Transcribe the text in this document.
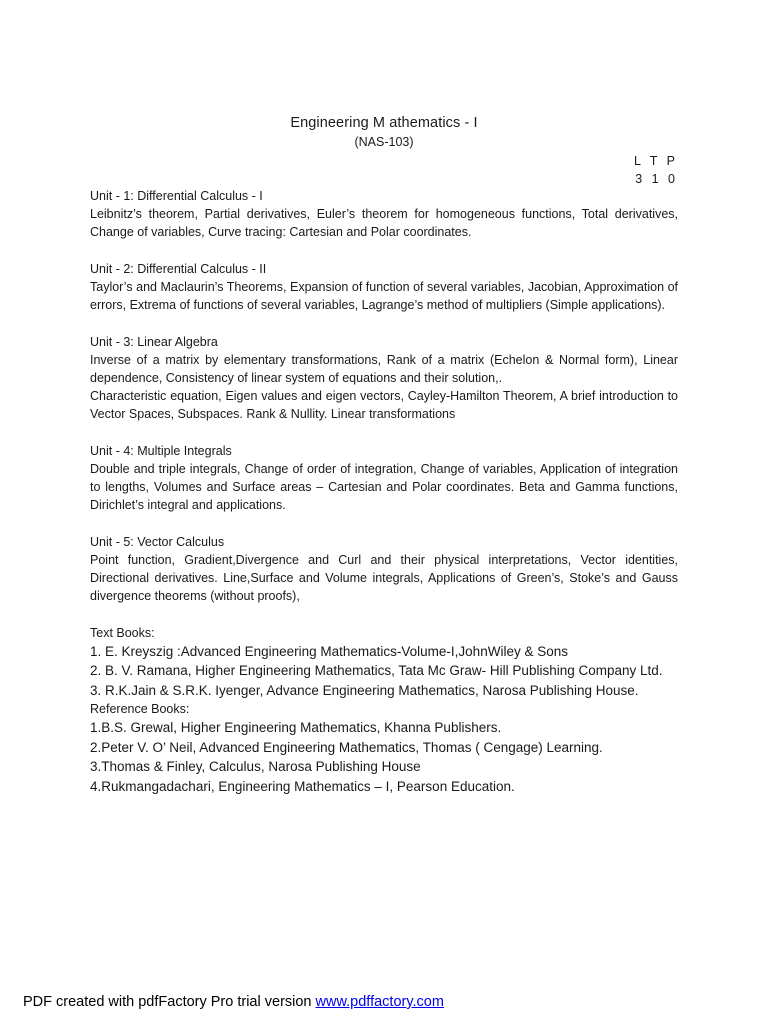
Engineering M athematics - I
(NAS-103)
L T P
3 1 0
Unit - 1: Differential Calculus - I
Leibnitz’s theorem, Partial derivatives, Euler’s theorem for homogeneous functions, Total derivatives, Change of variables, Curve tracing: Cartesian and Polar coordinates.
Unit - 2: Differential Calculus - II
Taylor’s and Maclaurin’s Theorems, Expansion of function of several variables, Jacobian, Approximation of errors, Extrema of functions of several variables, Lagrange’s method of multipliers (Simple applications).
Unit - 3: Linear Algebra
Inverse of a matrix by elementary transformations, Rank of a matrix (Echelon & Normal form), Linear dependence, Consistency of linear system of equations and their solution,.
Characteristic equation, Eigen values and eigen vectors, Cayley-Hamilton Theorem, A brief introduction to Vector Spaces, Subspaces. Rank & Nullity. Linear transformations
Unit - 4: Multiple Integrals
Double and triple integrals, Change of order of integration, Change of variables, Application of integration to lengths, Volumes and Surface areas – Cartesian and Polar coordinates. Beta and Gamma functions, Dirichlet’s integral and applications.
Unit - 5: Vector Calculus
Point function, Gradient,Divergence and Curl and their physical interpretations, Vector identities, Directional derivatives. Line,Surface and Volume integrals, Applications of Green’s, Stoke’s and Gauss divergence theorems (without proofs),
Text Books:
1. E. Kreyszig :Advanced Engineering Mathematics-Volume-I,JohnWiley & Sons
2. B. V. Ramana, Higher Engineering Mathematics, Tata Mc Graw- Hill Publishing Company Ltd.
3. R.K.Jain & S.R.K. Iyenger, Advance Engineering Mathematics, Narosa Publishing House.
Reference Books:
1.B.S. Grewal, Higher Engineering Mathematics, Khanna Publishers.
2.Peter V. O’ Neil, Advanced Engineering Mathematics, Thomas ( Cengage) Learning.
3.Thomas & Finley, Calculus, Narosa Publishing House
4.Rukmangadachari, Engineering Mathematics – I, Pearson Education.
PDF created with pdfFactory Pro trial version www.pdffactory.com
